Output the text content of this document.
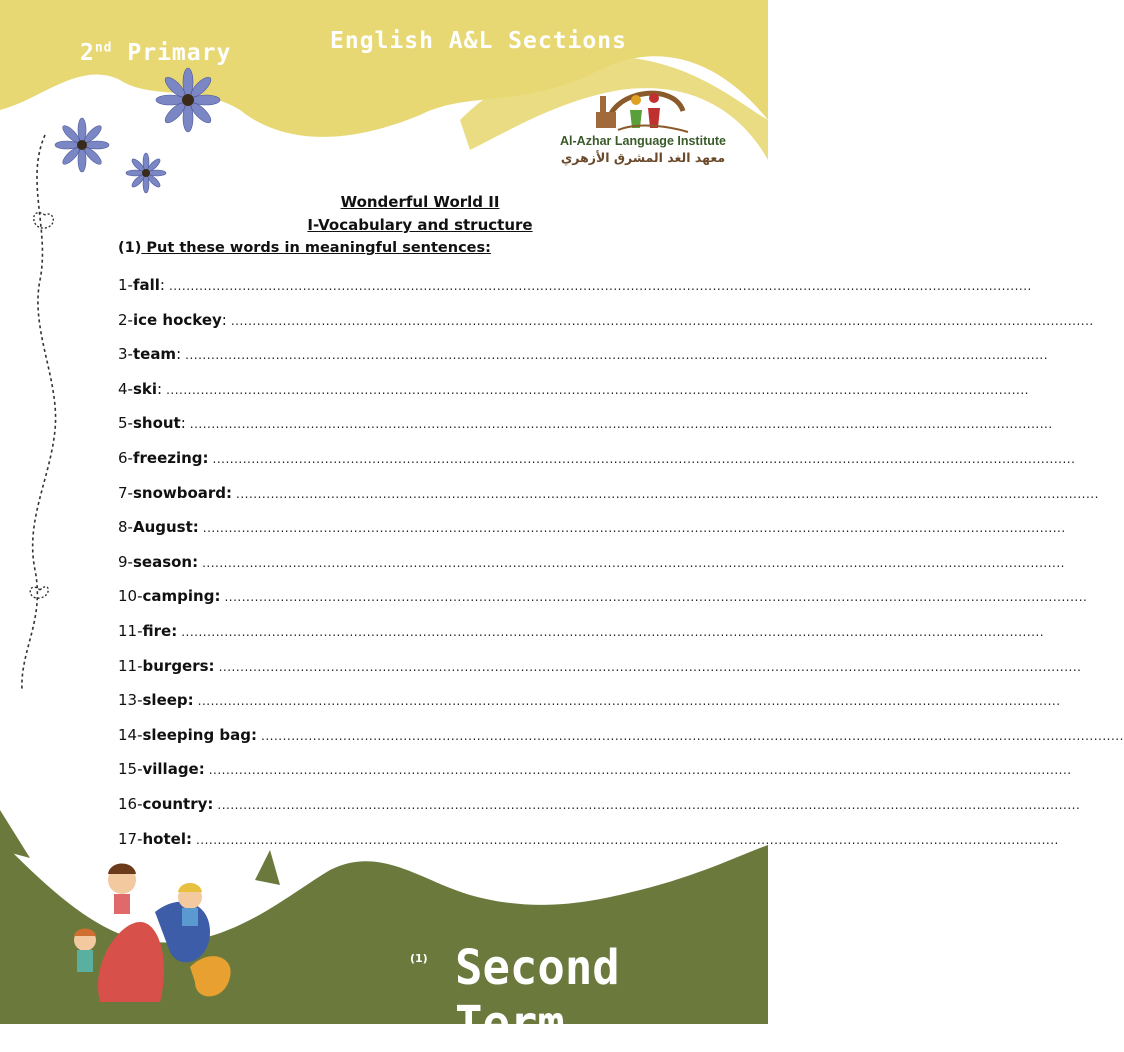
2nd Primary	English A&L Sections
Al-Azhar Language Institute
معهد الغد المشرق الأزهري
Wonderful World II
I-Vocabulary and structure
(1) Put these words in meaningful sentences:
1- fall : ........................................................................................................................................................................................................
2- ice hockey : ........................................................................................................................................................................................................
3- team : ........................................................................................................................................................................................................
4- ski : ........................................................................................................................................................................................................
5- shout : ........................................................................................................................................................................................................
6- freezing: ........................................................................................................................................................................................................
7- snowboard: ........................................................................................................................................................................................................
8- August: ........................................................................................................................................................................................................
9- season: ........................................................................................................................................................................................................
10- camping: ........................................................................................................................................................................................................
11- fire: ........................................................................................................................................................................................................
11- burgers: ........................................................................................................................................................................................................
13- sleep: ........................................................................................................................................................................................................
14- sleeping bag: ........................................................................................................................................................................................................
15- village: ........................................................................................................................................................................................................
16- country: ........................................................................................................................................................................................................
17- hotel: ........................................................................................................................................................................................................
(1) Second Term
